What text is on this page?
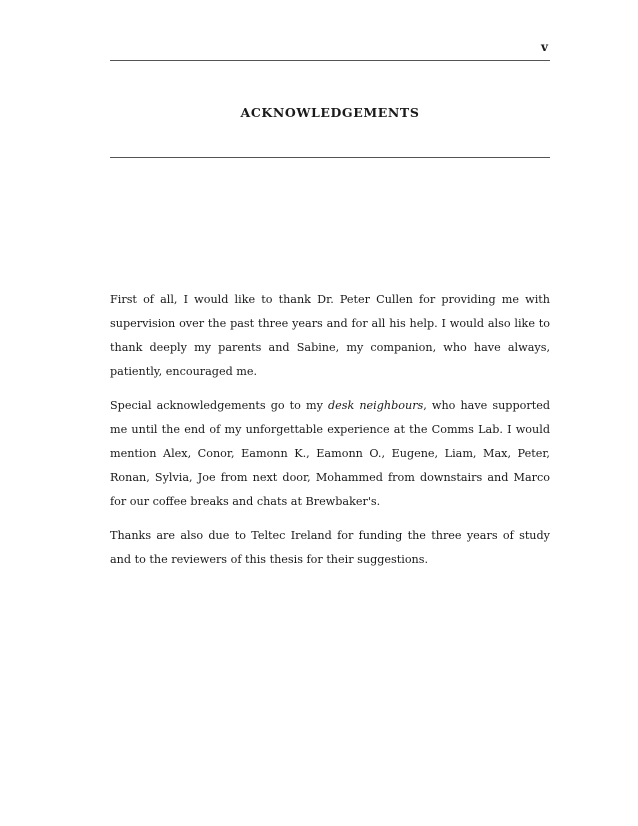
v
ACKNOWLEDGEMENTS

First of all, I would like to thank Dr. Peter Cullen for providing me with supervision over the past three years and for all his help. I would also like to thank deeply my parents and Sabine, my companion, who have always, patiently, encouraged me.

Special acknowledgements go to my desk neighbours, who have supported me until the end of my unforgettable experience at the Comms Lab. I would mention Alex, Conor, Eamonn K., Eamonn O., Eugene, Liam, Max, Peter, Ronan, Sylvia, Joe from next door, Mohammed from downstairs and Marco for our coffee breaks and chats at Brewbaker's.

Thanks are also due to Teltec Ireland for funding the three years of study and to the reviewers of this thesis for their suggestions.
